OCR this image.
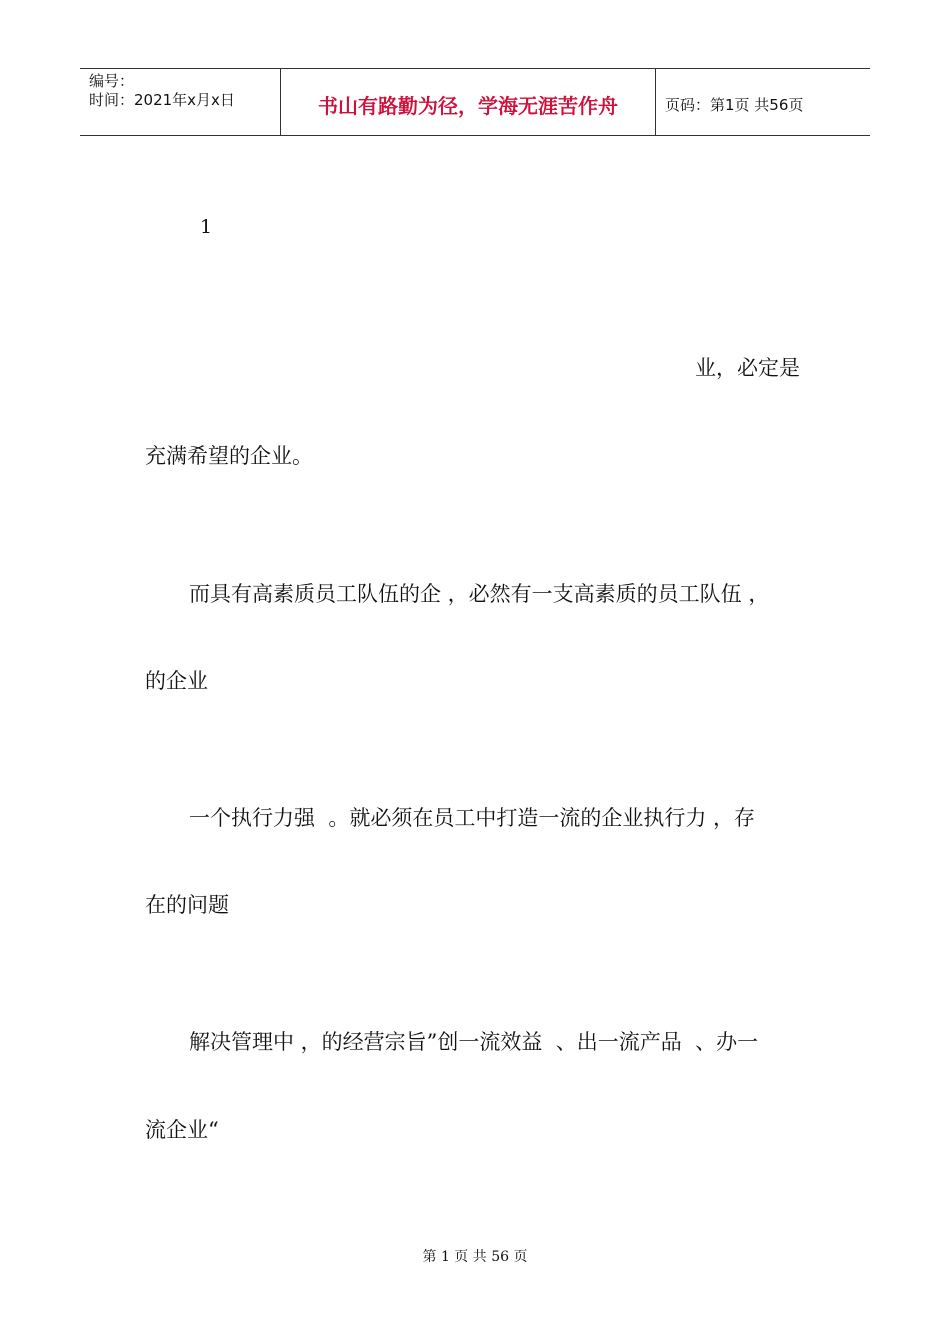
编号：
时间：2021年x月x日	书山有路勤为径，学海无涯苦作舟	页码：第1页 共56页
1

业，必定是

充满希望的企业。

而具有高素质员工队伍的企 ，必然有一支高素质的员工队伍 ，

的企业

一个执行力强  。就必须在员工中打造一流的企业执行力 ，存

在的问题

解决管理中 ，的经营宗旨”创一流效益  、出一流产品  、办一

流企业“

第 1 页 共 56 页
